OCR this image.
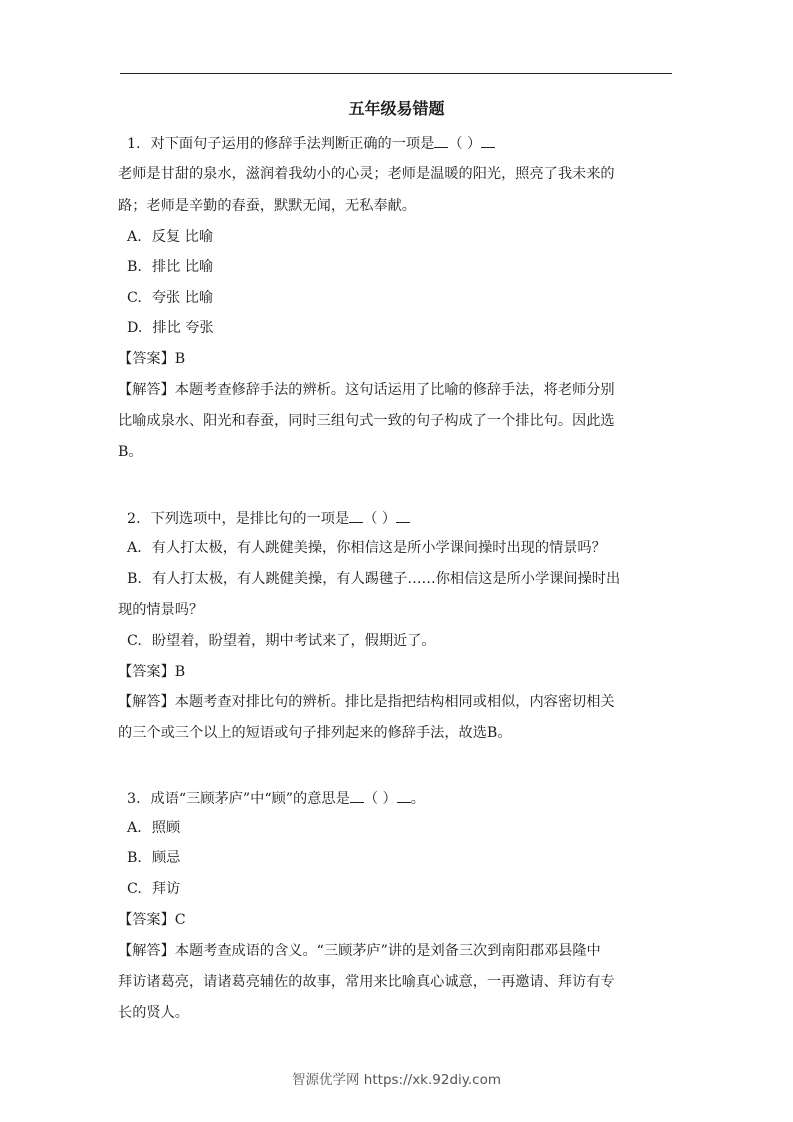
五年级易错题
1. 对下面句子运用的修辞手法判断正确的一项是 （ ）
老师是甘甜的泉水，滋润着我幼小的心灵；老师是温暖的阳光，照亮了我未来的
路；老师是辛勤的春蚕，默默无闻，无私奉献。
A. 反复 比喻
B. 排比 比喻
C. 夸张 比喻
D. 排比 夸张
【答案】B
【解答】本题考查修辞手法的辨析。这句话运用了比喻的修辞手法，将老师分别
比喻成泉水、阳光和春蚕，同时三组句式一致的句子构成了一个排比句。因此选
B。
2. 下列选项中，是排比句的一项是 （ ）
A. 有人打太极，有人跳健美操，你相信这是所小学课间操时出现的情景吗？
B. 有人打太极，有人跳健美操，有人踢毽子……你相信这是所小学课间操时出
现的情景吗？
C. 盼望着，盼望着，期中考试来了，假期近了。
【答案】B
【解答】本题考查对排比句的辨析。排比是指把结构相同或相似，内容密切相关
的三个或三个以上的短语或句子排列起来的修辞手法，故选B。
3. 成语“三顾茅庐”中“顾”的意思是 （ ） 。
A. 照顾
B. 顾忌
C. 拜访
【答案】C
【解答】本题考查成语的含义。“三顾茅庐”讲的是刘备三次到南阳郡邓县隆中
拜访诸葛亮，请诸葛亮辅佐的故事，常用来比喻真心诚意，一再邀请、拜访有专
长的贤人。
智源优学网 https://xk.92diy.com
